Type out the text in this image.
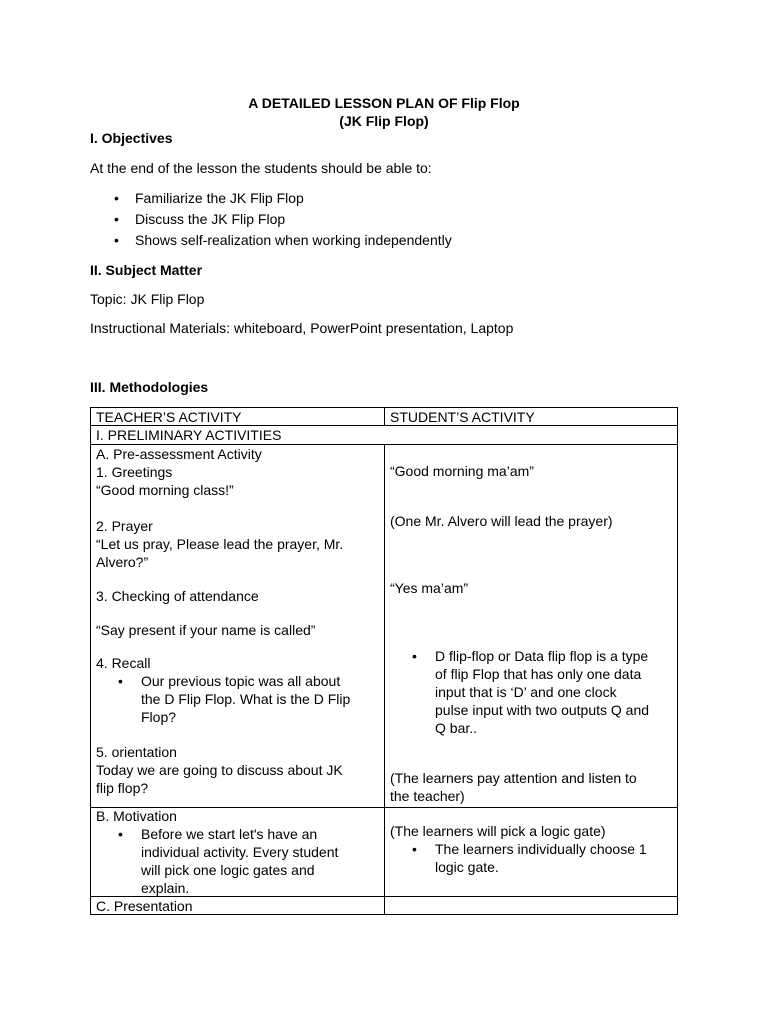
A DETAILED LESSON PLAN OF Flip Flop
(JK Flip Flop)
I. Objectives
At the end of the lesson the students should be able to:
• Familiarize the JK Flip Flop
• Discuss the JK Flip Flop
• Shows self-realization when working independently
II. Subject Matter
Topic: JK Flip Flop
Instructional Materials: whiteboard, PowerPoint presentation, Laptop
III. Methodologies
TEACHER’S ACTIVITY	STUDENT’S ACTIVITY
I. PRELIMINARY ACTIVITIES

A. Pre-assessment Activity

1. Greetings

“Good morning class!”

2. Prayer

“Let us pray, Please lead the prayer, Mr.

Alvero?”

3. Checking of attendance

“Say present if your name is called”

4. Recall

• Our previous topic was all about
the D Flip Flop. What is the D Flip
Flop?

5. orientation

Today we are going to discuss about JK

flip flop?

“Good morning ma’am”
(One Mr. Alvero will lead the prayer)
“Yes ma’am”
• D flip-flop or Data flip flop is a type
of flip Flop that has only one data
input that is ‘D’ and one clock
pulse input with two outputs Q and
Q bar..

(The learners pay attention and listen to

the teacher)

B. Motivation

• Before we start let's have an
individual activity. Every student
will pick one logic gates and
explain.

(The learners will pick a logic gate)

• The learners individually choose 1
logic gate.
C. Presentation
